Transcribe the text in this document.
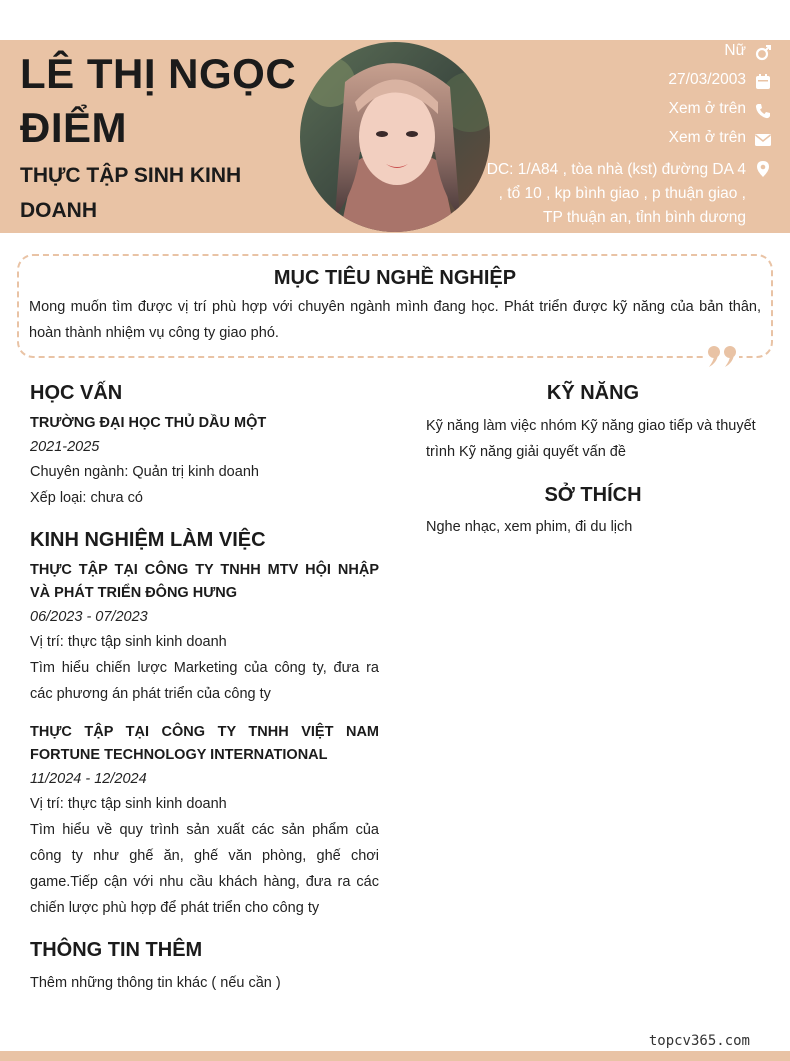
LÊ THỊ NGỌC ĐIỂM
THỰC TẬP SINH KINH DOANH
Nữ
27/03/2003
Xem ở trên
Xem ở trên
DC: 1/A84 , tòa nhà (kst) đường DA 4 , tổ 10 , kp bình giao , p thuận giao , TP thuận an, tỉnh bình dương
MỤC TIÊU NGHỀ NGHIỆP

Mong muốn tìm được vị trí phù hợp với chuyên ngành mình đang học. Phát triển được kỹ năng của bản thân, hoàn thành nhiệm vụ công ty giao phó.

HỌC VẤN
TRƯỜNG ĐẠI HỌC THỦ DẦU MỘT
2021-2025
Chuyên ngành: Quản trị kinh doanh
Xếp loại: chưa có
KINH NGHIỆM LÀM VIỆC
THỰC TẬP TẠI CÔNG TY TNHH MTV HỘI NHẬP VÀ PHÁT TRIỂN ĐÔNG HƯNG
06/2023 - 07/2023
Vị trí: thực tập sinh kinh doanh
Tìm hiểu chiến lược Marketing của công ty, đưa ra các phương án phát triển của công ty
THỰC TẬP TẠI CÔNG TY TNHH VIỆT NAM FORTUNE TECHNOLOGY INTERNATIONAL
11/2024 - 12/2024
Vị trí: thực tập sinh kinh doanh
Tìm hiểu về quy trình sản xuất các sản phẩm của công ty như ghế ăn, ghế văn phòng, ghế chơi game.Tiếp cận với nhu cầu khách hàng, đưa ra các chiến lược phù hợp để phát triển cho công ty
THÔNG TIN THÊM
Thêm những thông tin khác ( nếu cần )
KỸ NĂNG
Kỹ năng làm việc nhóm Kỹ năng giao tiếp và thuyết trình Kỹ năng giải quyết vấn đề
SỞ THÍCH
Nghe nhạc, xem phim, đi du lịch
topcv365.com
